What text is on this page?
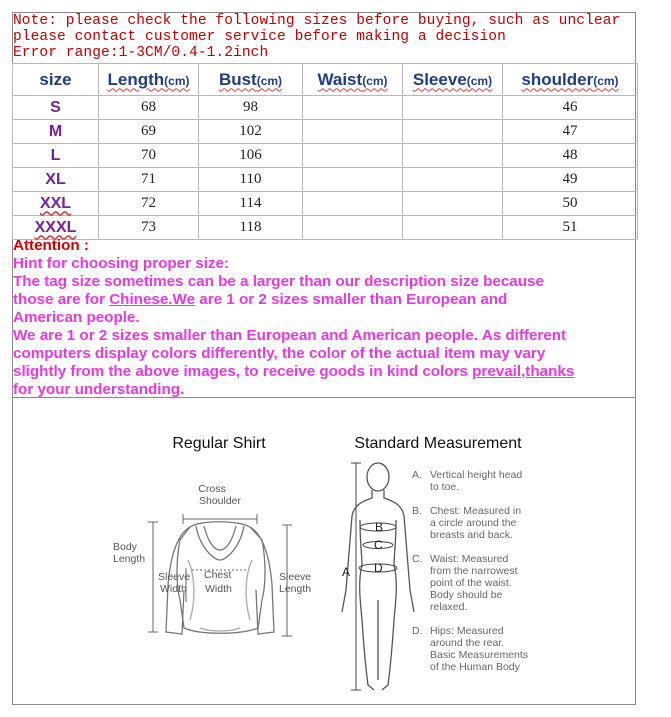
Note: please check the following sizes before buying, such as unclear
please contact customer service before making a decision
Error range:1-3CM/0.4-1.2inch
size	Length(cm)	Bust(cm)	Waist(cm)	Sleeve(cm)	shoulder(cm)
S	68	98			46
M	69	102			47
L	70	106			48
XL	71	110			49
XXL	72	114			50
XXXL	73	118			51
Attention :
Hint for choosing proper size:
The tag size sometimes can be a larger than our description size because
those are for Chinese.We are 1 or 2 sizes smaller than European and
American people.
We are 1 or 2 sizes smaller than European and American people. As different
computers display colors differently, the color of the actual item may vary
slightly from the above images, to receive goods in kind colors prevail,thanks
for your understanding.
Regular Shirt
Cross
Shoulder
Body
Length
Sleeve
Width
Chest
Width
Sleeve
Length
Standard Measurement
A
B
C
D
A. Vertical height head
to toe.
B. Chest: Measured in
a circle around the
breasts and back.
C. Waist: Measured
from the narrowest
point of the waist.
Body should be
relaxed.
D. Hips: Measured
around the rear.
Basic Measurements
of the Human Body
